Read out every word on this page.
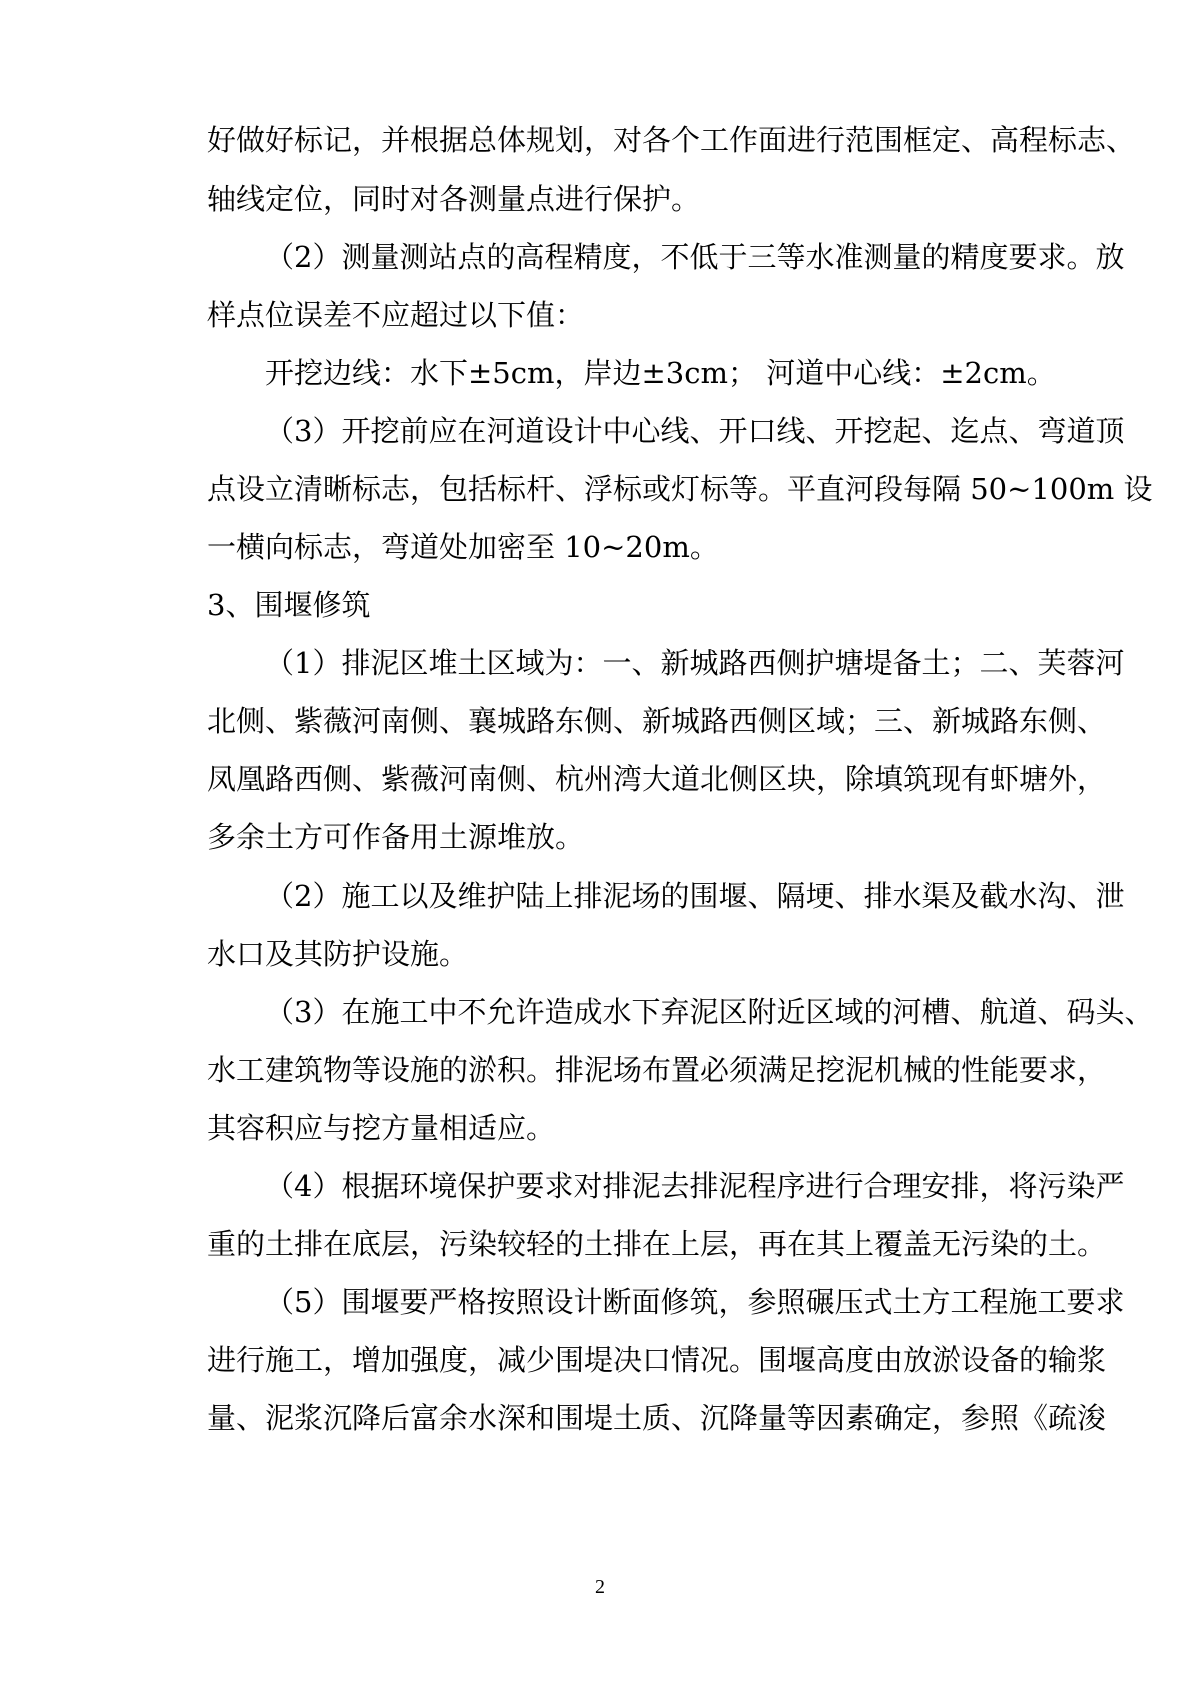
好做好标记，并根据总体规划，对各个工作面进行范围框定、高程标志、
轴线定位，同时对各测量点进行保护。
（2）测量测站点的高程精度，不低于三等水准测量的精度要求。放
样点位误差不应超过以下值：
开挖边线：水下±5cm，岸边±3cm； 河道中心线：±2cm。
（3）开挖前应在河道设计中心线、开口线、开挖起、迄点、弯道顶
点设立清晰标志，包括标杆、浮标或灯标等。平直河段每隔 50~100m 设
一横向标志，弯道处加密至 10~20m。
3、围堰修筑
（1）排泥区堆土区域为：一、新城路西侧护塘堤备土；二、芙蓉河
北侧、紫薇河南侧、襄城路东侧、新城路西侧区域；三、新城路东侧、
凤凰路西侧、紫薇河南侧、杭州湾大道北侧区块，除填筑现有虾塘外，
多余土方可作备用土源堆放。
（2）施工以及维护陆上排泥场的围堰、隔埂、排水渠及截水沟、泄
水口及其防护设施。
（3）在施工中不允许造成水下弃泥区附近区域的河槽、航道、码头、
水工建筑物等设施的淤积。排泥场布置必须满足挖泥机械的性能要求，
其容积应与挖方量相适应。
（4）根据环境保护要求对排泥去排泥程序进行合理安排，将污染严
重的土排在底层，污染较轻的土排在上层，再在其上覆盖无污染的土。
（5）围堰要严格按照设计断面修筑，参照碾压式土方工程施工要求
进行施工，增加强度，减少围堤决口情况。围堰高度由放淤设备的输浆
量、泥浆沉降后富余水深和围堤土质、沉降量等因素确定，参照《疏浚
2
